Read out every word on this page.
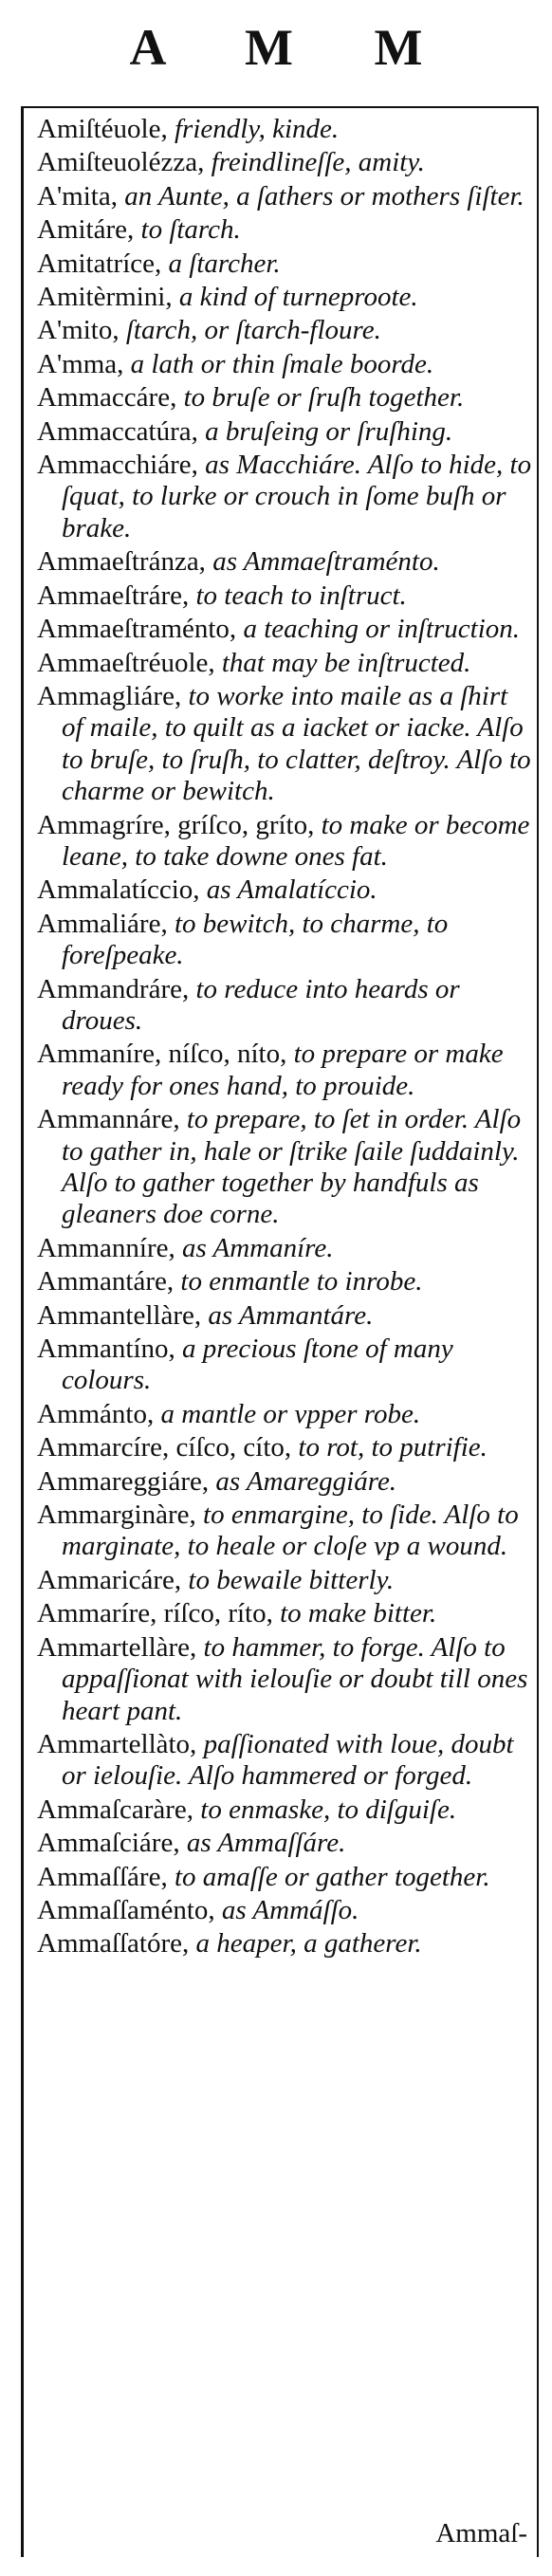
A M M
Amiſtéuole, friendly, kinde.
Amiſteuolézza, freindlineſſe, amity.
A'mita, an Aunte, a ſathers or mothers ſiſter.
Amitáre, to ſtarch.
Amitatríce, a ſtarcher.
Amitèrmini, a kind of turneproote.
A'mito, ſtarch, or ſtarch-floure.
A'mma, a lath or thin ſmale boorde.
Ammaccáre, to bruſe or ſruſh together.
Ammaccatúra, a bruſeing or ſruſhing.
Ammacchiáre, as Macchiáre. Alſo to hide, to ſquat, to lurke or crouch in ſome buſh or brake.
Ammaeſtránza, as Ammaeſtraménto.
Ammaeſtráre, to teach to inſtruct.
Ammaeſtraménto, a teaching or inſtruction.
Ammaeſtréuole, that may be inſtructed.
Ammagliáre, to worke into maile as a ſhirt of maile, to quilt as a iacket or iacke. Alſo to bruſe, to ſruſh, to clatter, deſtroy. Alſo to charme or bewitch.
Ammagríre, gríſco, gríto, to make or become leane, to take downe ones fat.
Ammalatíccio, as Amalatíccio.
Ammaliáre, to bewitch, to charme, to foreſpeake.
Ammandráre, to reduce into heards or droues.
Ammaníre, níſco, níto, to prepare or make ready for ones hand, to prouide.
Ammannáre, to prepare, to ſet in order. Alſo to gather in, hale or ſtrike ſaile ſuddainly. Alſo to gather together by handfuls as gleaners doe corne.
Ammanníre, as Ammaníre.
Ammantáre, to enmantle to inrobe.
Ammantellàre, as Ammantáre.
Ammantíno, a precious ſtone of many colours.
Ammánto, a mantle or vpper robe.
Ammarcíre, cíſco, cíto, to rot, to putrifie.
Ammareggiáre, as Amareggiáre.
Ammarginàre, to enmargine, to ſide. Alſo to marginate, to heale or cloſe vp a wound.
Ammaricáre, to bewaile bitterly.
Ammaríre, ríſco, ríto, to make bitter.
Ammartellàre, to hammer, to forge. Alſo to appaſſionat with ielouſie or doubt till ones heart pant.
Ammartellàto, paſſionated with loue, doubt or ielouſie. Alſo hammered or forged.
Ammaſcaràre, to enmaske, to diſguiſe.
Ammaſciáre, as Ammaſſáre.
Ammaſſáre, to amaſſe or gather together.
Ammaſſaménto, as Ammáſſo.
Ammaſſatóre, a heaper, a gatherer.
Ammaſ-
